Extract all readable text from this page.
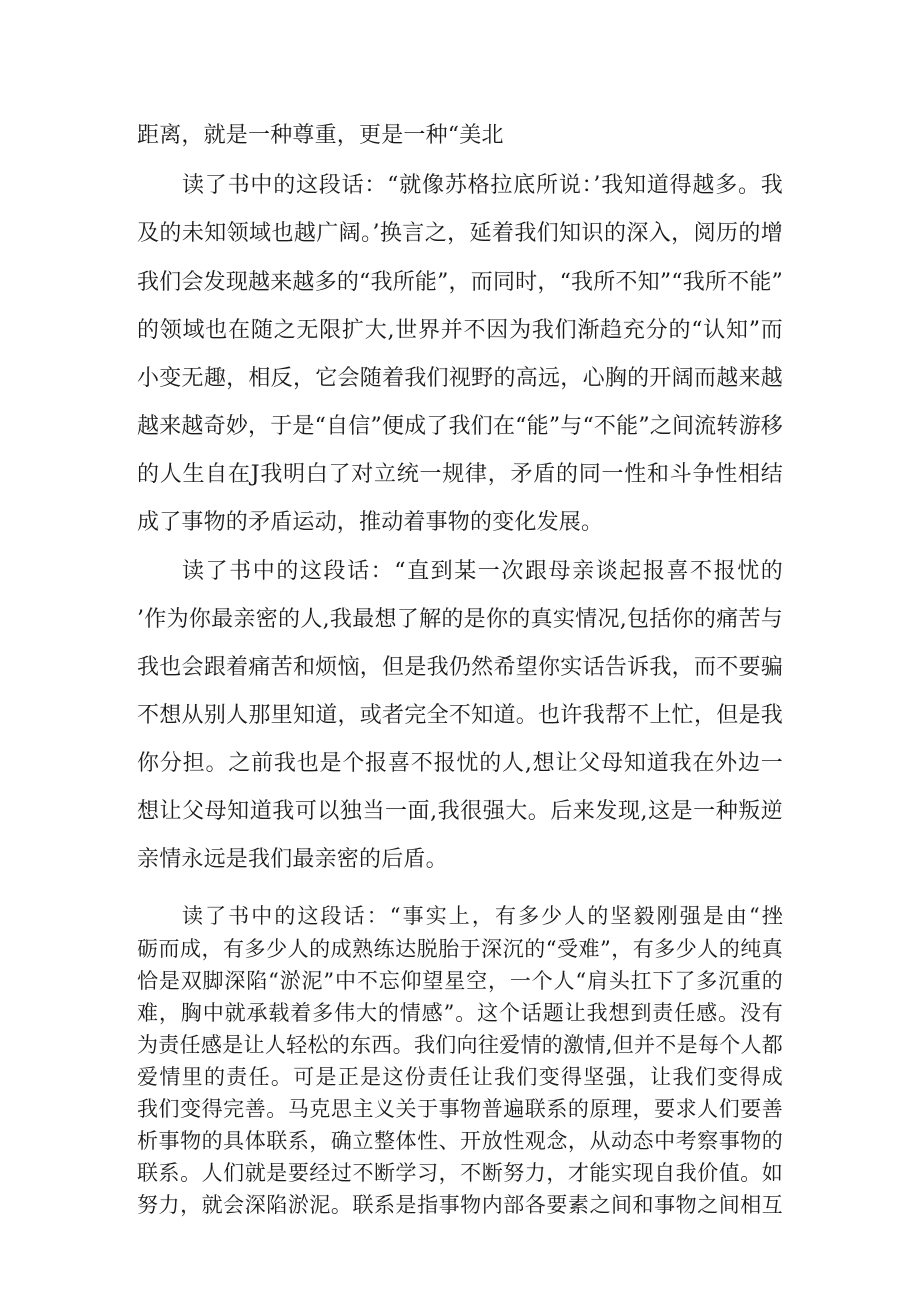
距离，就是一种尊重，更是一种“美北
读了书中的这段话：“就像苏格拉底所说：’我知道得越多。我
及的未知领域也越广阔。’换言之，延着我们知识的深入，阅历的增
我们会发现越来越多的“我所能”，而同时，“我所不知”“我所不能”
的领域也在随之无限扩大,世界并不因为我们渐趋充分的“认知”而
小变无趣，相反，它会随着我们视野的高远，心胸的开阔而越来越
越来越奇妙，于是“自信”便成了我们在“能”与“不能”之间流转游移
的人生自在J我明白了对立统一规律，矛盾的同一性和斗争性相结
成了事物的矛盾运动，推动着事物的变化发展。
读了书中的这段话：“直到某一次跟母亲谈起报喜不报忧的
’作为你最亲密的人,我最想了解的是你的真实情况,包括你的痛苦与
我也会跟着痛苦和烦恼，但是我仍然希望你实话告诉我，而不要骗
不想从别人那里知道，或者完全不知道。也许我帮不上忙，但是我
你分担。之前我也是个报喜不报忧的人,想让父母知道我在外边一
想让父母知道我可以独当一面,我很强大。后来发现,这是一种叛逆
亲情永远是我们最亲密的后盾。
读了书中的这段话：“事实上，有多少人的坚毅刚强是由“挫
砺而成，有多少人的成熟练达脱胎于深沉的“受难”，有多少人的纯真
恰是双脚深陷“淤泥”中不忘仰望星空，一个人“肩头扛下了多沉重的
难，胸中就承载着多伟大的情感”。这个话题让我想到责任感。没有
为责任感是让人轻松的东西。我们向往爱情的激情,但并不是每个人都
爱情里的责任。可是正是这份责任让我们变得坚强，让我们变得成
我们变得完善。马克思主义关于事物普遍联系的原理，要求人们要善
析事物的具体联系，确立整体性、开放性观念，从动态中考察事物的
联系。人们就是要经过不断学习，不断努力，才能实现自我价值。如
努力，就会深陷淤泥。联系是指事物内部各要素之间和事物之间相互
